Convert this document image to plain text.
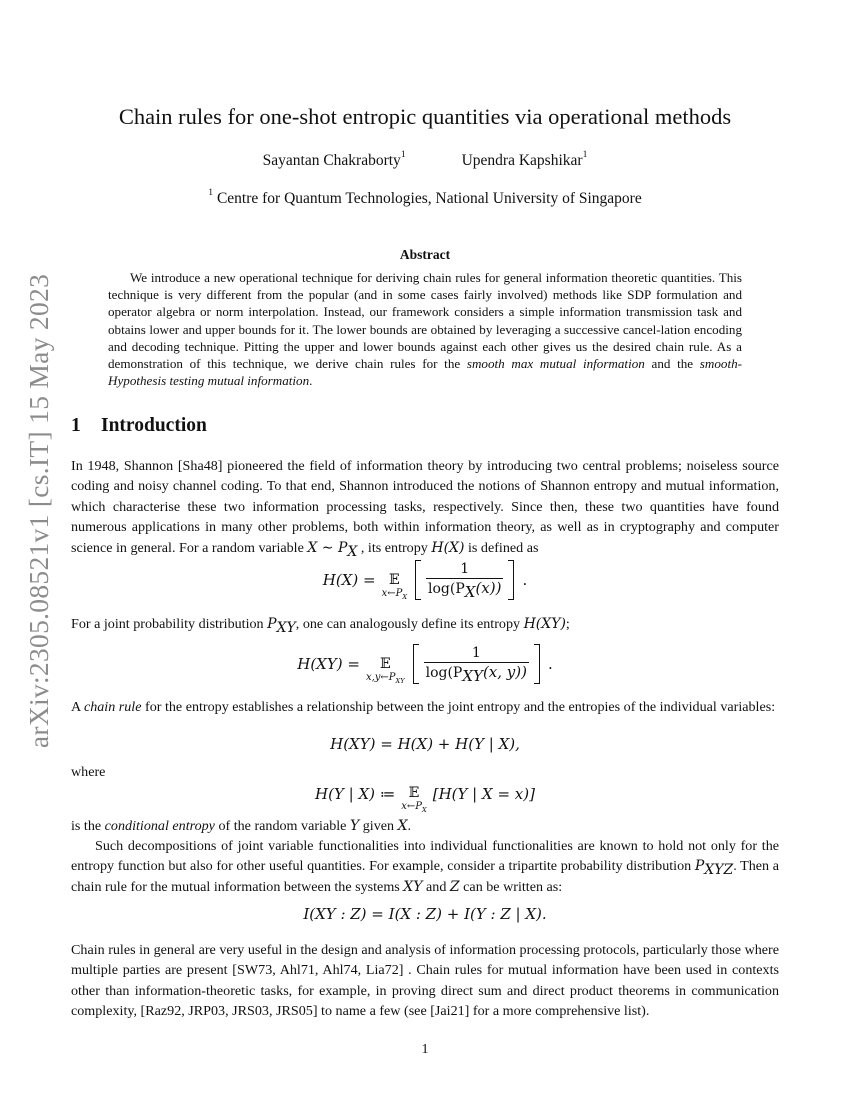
arXiv:2305.08521v1 [cs.IT] 15 May 2023
Chain rules for one-shot entropic quantities via operational methods
Sayantan Chakraborty$^1$	Upendra Kapshikar$^1$
$^1$ Centre for Quantum Technologies, National University of Singapore
Abstract

We introduce a new operational technique for deriving chain rules for general information theoretic quantities. This technique is very different from the popular (and in some cases fairly involved) methods like SDP formulation and operator algebra or norm interpolation. Instead, our framework considers a simple information transmission task and obtains lower and upper bounds for it. The lower bounds are obtained by leveraging a successive cancel-lation encoding and decoding technique. Pitting the upper and lower bounds against each other gives us the desired chain rule. As a demonstration of this technique, we derive chain rules for the smooth max mutual information and the smooth-Hypothesis testing mutual information.

1 Introduction

In 1948, Shannon [Sha48] pioneered the field of information theory by introducing two central problems; noiseless source coding and noisy channel coding. To that end, Shannon introduced the notions of Shannon entropy and mutual information, which characterise these two information processing tasks, respectively. Since then, these two quantities have found numerous applications in many other problems, both within information theory, as well as in cryptography and computer science in general. For a random variable X ∼ $P_X$ , its entropy H(X) is defined as

H(X) = 𝔼
$x\leftarrow P_X \frac{1}{\log(P_X(x))}$ .

For a joint probability distribution $P_{XY}$, one can analogously define its entropy H(XY);

H(XY) = 𝔼
$x,y\leftarrow P_{XY} \frac{1}{\log(P_{XY}(x, y))}$ .

A chain rule for the entropy establishes a relationship between the joint entropy and the entropies of the individual variables:

H(XY) = H(X) + H(Y | X) ,

where

H(Y | X) ≔ 𝔼
$x\leftarrow P_X$
[H(Y | X = x)]

is the conditional entropy of the random variable Y given X.

Such decompositions of joint variable functionalities into individual functionalities are known to hold not only for the entropy function but also for other useful quantities. For example, consider a tripartite probability distribution $P_{XYZ}$. Then a chain rule for the mutual information between the systems XY and Z can be written as:

I(XY : Z) = I(X : Z) + I(Y : Z | X) .

Chain rules in general are very useful in the design and analysis of information processing protocols, particularly those where multiple parties are present [SW73, Ahl71, Ahl74, Lia72] . Chain rules for mutual information have been used in contexts other than information-theoretic tasks, for example, in proving direct sum and direct product theorems in communication complexity, [Raz92, JRP03, JRS03, JRS05] to name a few (see [Jai21] for a more comprehensive list).

1
